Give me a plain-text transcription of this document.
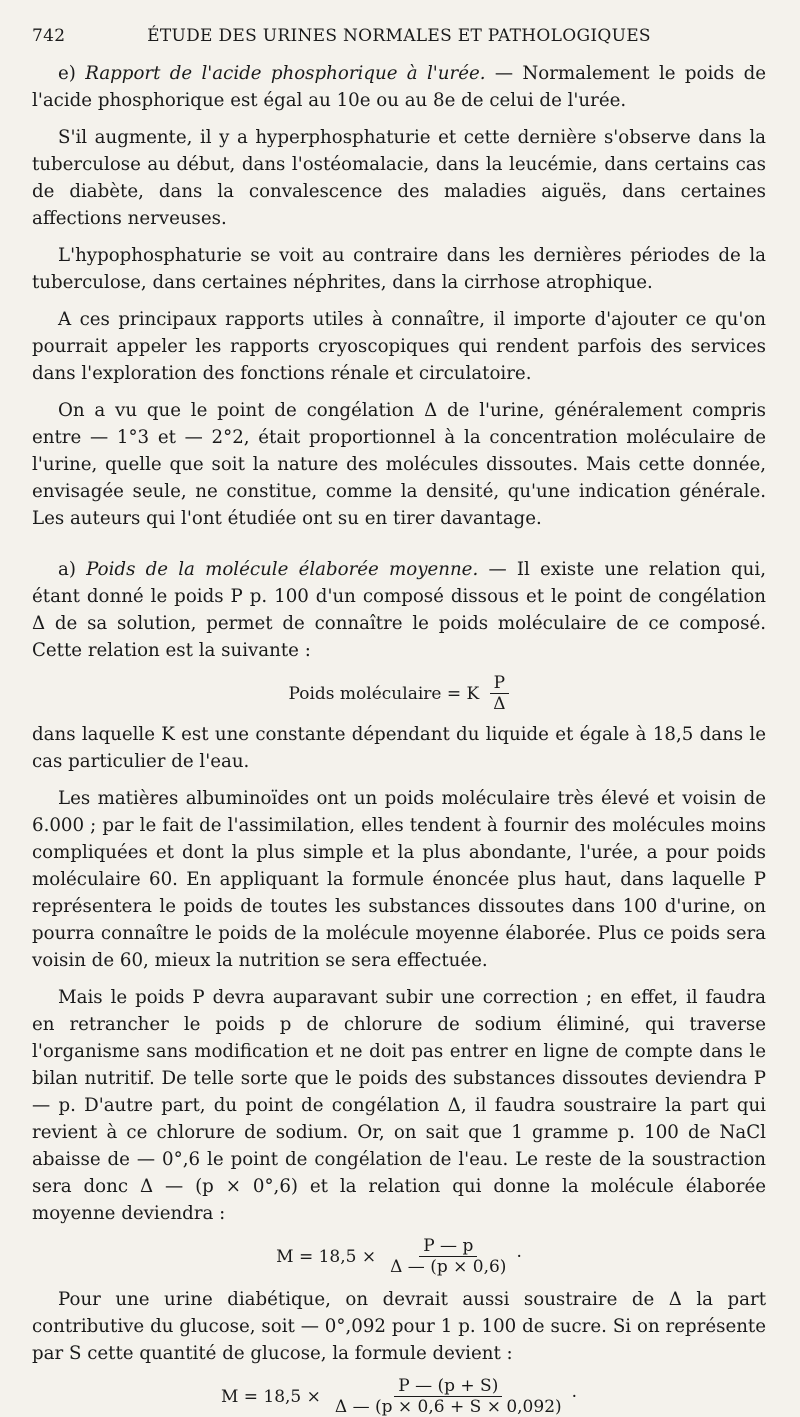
742	ÉTUDE DES URINES NORMALES ET PATHOLOGIQUES

e) Rapport de l'acide phosphorique à l'urée. — Normalement le poids de l'acide phosphorique est égal au 10e ou au 8e de celui de l'urée.

S'il augmente, il y a hyperphosphaturie et cette dernière s'observe dans la tuberculose au début, dans l'ostéomalacie, dans la leucémie, dans certains cas de diabète, dans la convalescence des maladies aiguës, dans certaines affections nerveuses.

L'hypophosphaturie se voit au contraire dans les dernières périodes de la tuberculose, dans certaines néphrites, dans la cirrhose atrophique.

A ces principaux rapports utiles à connaître, il importe d'ajouter ce qu'on pourrait appeler les rapports cryoscopiques qui rendent parfois des services dans l'exploration des fonctions rénale et circulatoire.

On a vu que le point de congélation Δ de l'urine, généralement compris entre — 1°3 et — 2°2, était proportionnel à la concentration moléculaire de l'urine, quelle que soit la nature des molécules dissoutes. Mais cette donnée, envisagée seule, ne constitue, comme la densité, qu'une indication générale. Les auteurs qui l'ont étudiée ont su en tirer davantage.

a) Poids de la molécule élaborée moyenne. — Il existe une relation qui, étant donné le poids P p. 100 d'un composé dissous et le point de congélation Δ de sa solution, permet de connaître le poids moléculaire de ce composé. Cette relation est la suivante :

Poids moléculaire = K $\frac{P}{\Delta}$

dans laquelle K est une constante dépendant du liquide et égale à 18,5 dans le cas particulier de l'eau.

Les matières albuminoïdes ont un poids moléculaire très élevé et voisin de 6.000 ; par le fait de l'assimilation, elles tendent à fournir des molécules moins compliquées et dont la plus simple et la plus abondante, l'urée, a pour poids moléculaire 60. En appliquant la formule énoncée plus haut, dans laquelle P représentera le poids de toutes les substances dissoutes dans 100 d'urine, on pourra connaître le poids de la molécule moyenne élaborée. Plus ce poids sera voisin de 60, mieux la nutrition se sera effectuée.

Mais le poids P devra auparavant subir une correction ; en effet, il faudra en retrancher le poids p de chlorure de sodium éliminé, qui traverse l'organisme sans modification et ne doit pas entrer en ligne de compte dans le bilan nutritif. De telle sorte que le poids des substances dissoutes deviendra P — p. D'autre part, du point de congélation Δ, il faudra soustraire la part qui revient à ce chlorure de sodium. Or, on sait que 1 gramme p. 100 de NaCl abaisse de — 0°,6 le point de congélation de l'eau. Le reste de la soustraction sera donc Δ — (p × 0°,6) et la relation qui donne la molécule élaborée moyenne deviendra :

$M = 18,5 \times \frac{P — p}{\Delta — (p \times 0,6)}$ ·

Pour une urine diabétique, on devrait aussi soustraire de Δ la part contributive du glucose, soit — 0°,092 pour 1 p. 100 de sucre. Si on représente par S cette quantité de glucose, la formule devient :

$M = 18,5 \times \frac{P — (p + S)}{\Delta — (p \times 0,6 + S \times 0,092)}$ ·
